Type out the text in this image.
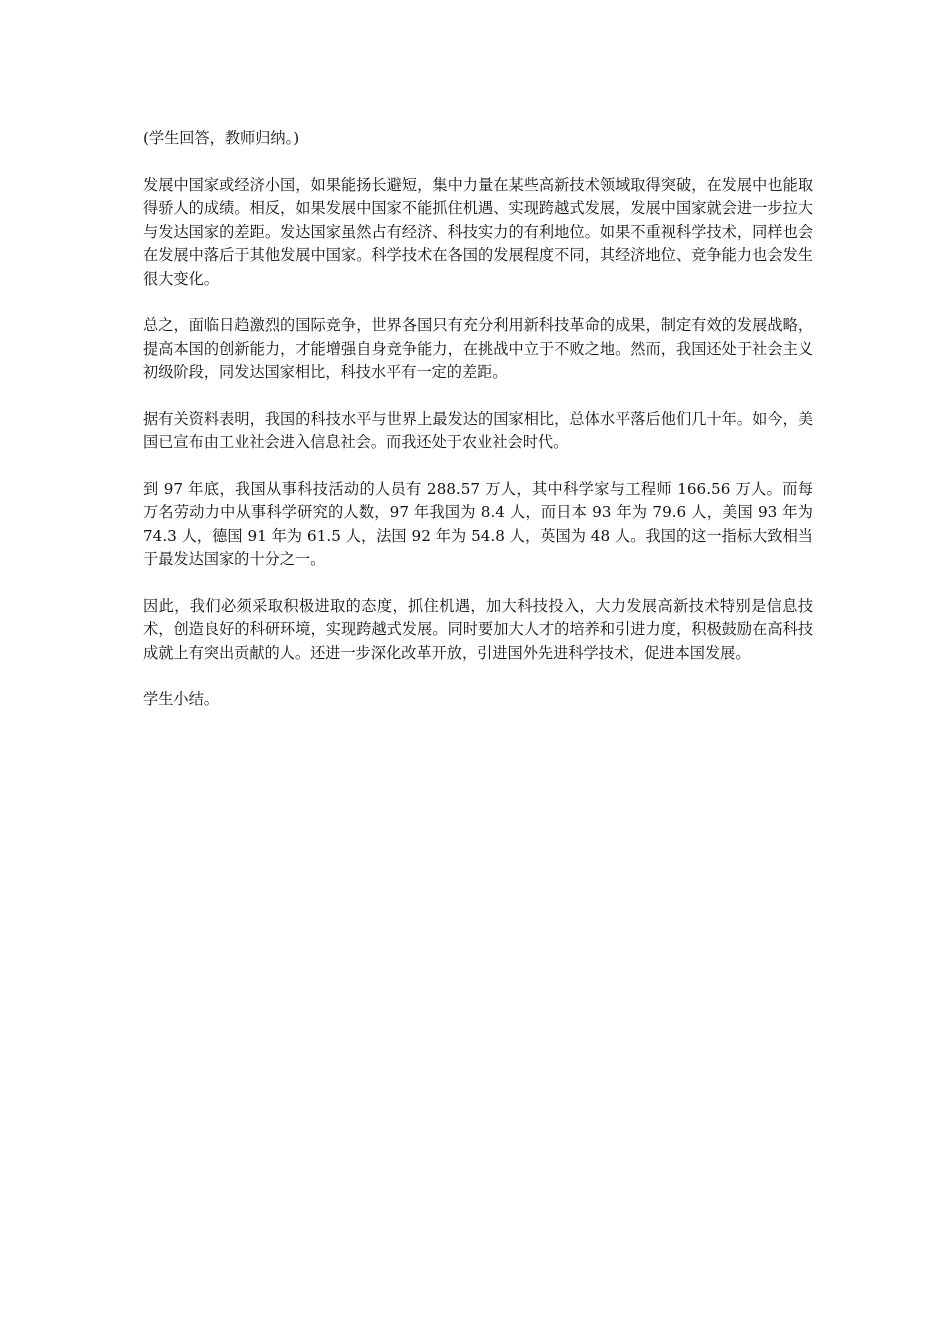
(学生回答，教师归纳。)

发展中国家或经济小国，如果能扬长避短，集中力量在某些高新技术领域取得突破，在发展中也能取得骄人的成绩。相反，如果发展中国家不能抓住机遇、实现跨越式发展，发展中国家就会进一步拉大与发达国家的差距。发达国家虽然占有经济、科技实力的有利地位。如果不重视科学技术，同样也会在发展中落后于其他发展中国家。科学技术在各国的发展程度不同，其经济地位、竞争能力也会发生很大变化。

总之，面临日趋激烈的国际竞争，世界各国只有充分利用新科技革命的成果，制定有效的发展战略，提高本国的创新能力，才能增强自身竞争能力，在挑战中立于不败之地。然而，我国还处于社会主义初级阶段，同发达国家相比，科技水平有一定的差距。

据有关资料表明，我国的科技水平与世界上最发达的国家相比，总体水平落后他们几十年。如今，美国已宣布由工业社会进入信息社会。而我还处于农业社会时代。

到 97 年底，我国从事科技活动的人员有 288.57 万人，其中科学家与工程师 166.56 万人。而每万名劳动力中从事科学研究的人数，97 年我国为 8.4 人，而日本 93 年为 79.6 人，美国 93 年为 74.3 人，德国 91 年为 61.5 人，法国 92 年为 54.8 人，英国为 48 人。我国的这一指标大致相当于最发达国家的十分之一。

因此，我们必须采取积极进取的态度，抓住机遇，加大科技投入，大力发展高新技术特别是信息技术，创造良好的科研环境，实现跨越式发展。同时要加大人才的培养和引进力度，积极鼓励在高科技成就上有突出贡献的人。还进一步深化改革开放，引进国外先进科学技术，促进本国发展。

学生小结。
